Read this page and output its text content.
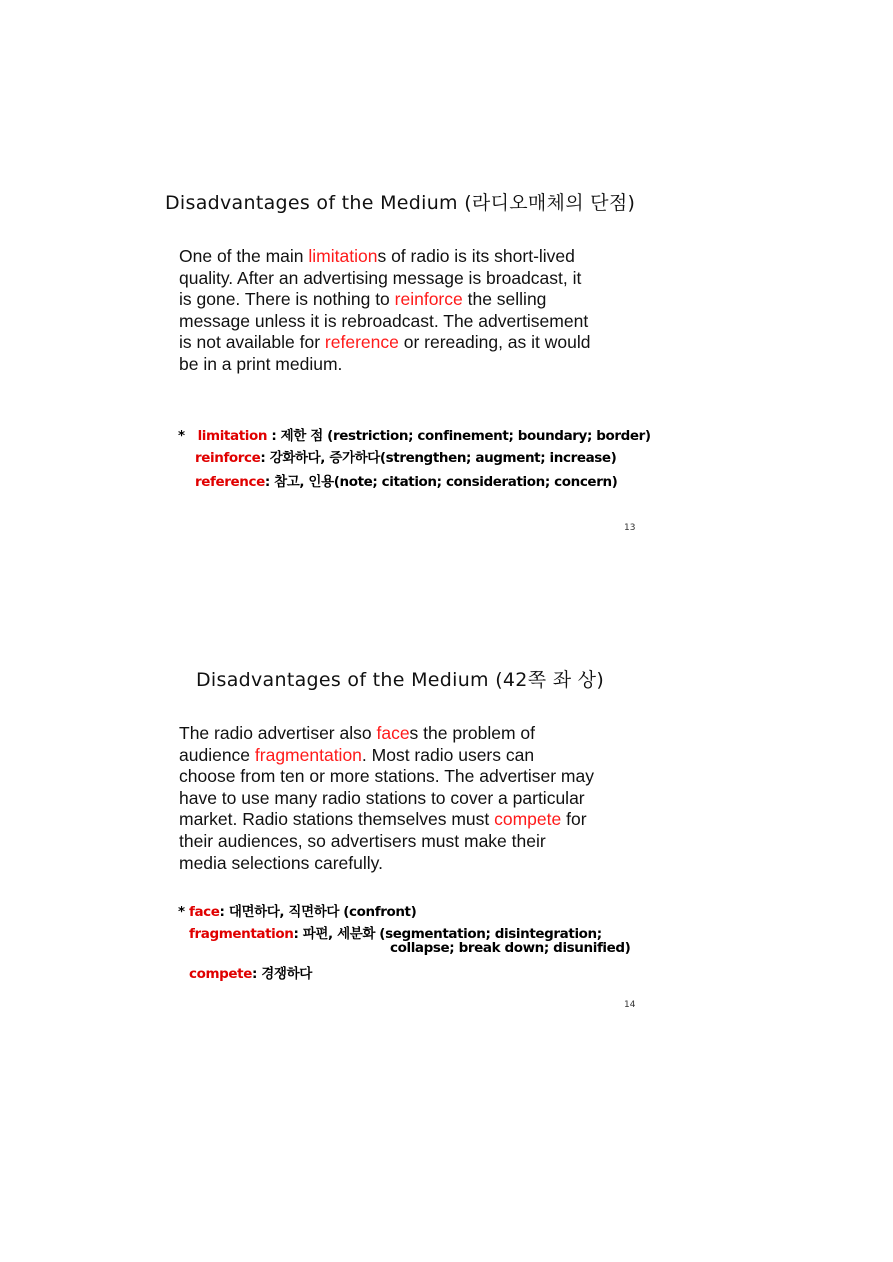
Disadvantages of the Medium (라디오매체의 단점)
One of the main limitations of radio is its short-lived
quality. After an advertising message is broadcast, it
is gone. There is nothing to reinforce the selling
message unless it is rebroadcast. The advertisement
is not available for reference or rereading, as it would
be in a print medium.
* limitation : 제한 점 (restriction; confinement; boundary; border)
reinforce: 강화하다, 증가하다(strengthen; augment; increase)
reference: 참고, 인용(note; citation; consideration; concern)
13
Disadvantages of the Medium (42쪽 좌 상)
The radio advertiser also faces the problem of
audience fragmentation. Most radio users can
choose from ten or more stations. The advertiser may
have to use many radio stations to cover a particular
market. Radio stations themselves must compete for
their audiences, so advertisers must make their
media selections carefully.
* face: 대면하다, 직면하다 (confront)
fragmentation: 파편, 세분화 (segmentation; disintegration;
collapse; break down; disunified)
compete: 경쟁하다
14
